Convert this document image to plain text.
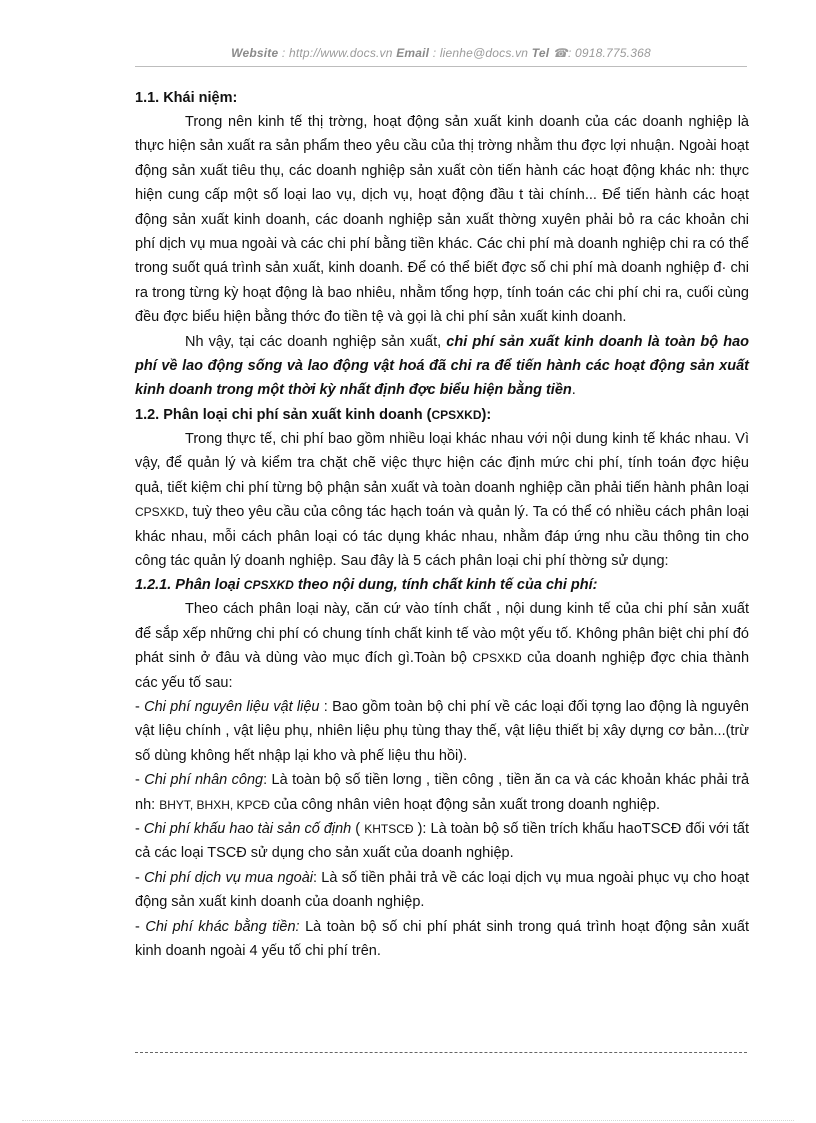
Website : http://www.docs.vn Email : lienhe@docs.vn Tel ☎: 0918.775.368
1.1. Khái niệm:

Trong nên kinh tế thị trờng, hoạt động sản xuất kinh doanh của các doanh nghiệp là thực hiện sản xuất ra sản phẩm theo yêu cầu của thị trờng nhằm thu đợc lợi nhuận. Ngoài hoạt động sản xuất tiêu thụ, các doanh nghiệp sản xuất còn tiến hành các hoạt động khác nh: thực hiện cung cấp một số loại lao vụ, dịch vụ, hoạt động đầu t tài chính... Để tiến hành các hoạt động sản xuất kinh doanh, các doanh nghiệp sản xuất thờng xuyên phải bỏ ra các khoản chi phí dịch vụ mua ngoài và các chi phí bằng tiền khác. Các chi phí mà doanh nghiệp chi ra có thể trong suốt quá trình sản xuất, kinh doanh. Để có thể biết đợc số chi phí mà doanh nghiệp đ· chi ra trong từng kỳ hoạt động là bao nhiêu, nhằm tổng hợp, tính toán các chi phí chi ra, cuối cùng đều đợc biểu hiện bằng thớc đo tiền tệ và gọi là chi phí sản xuất kinh doanh.

Nh vậy, tại các doanh nghiệp sản xuất, chi phí sản xuất kinh doanh là toàn bộ hao phí về lao động sống và lao động vật hoá đã chi ra để tiến hành các hoạt động sản xuất kinh doanh trong một thời kỳ nhất định đợc biểu hiện bằng tiền.

1.2. Phân loại chi phí sản xuất kinh doanh (CPSXKD):

Trong thực tế, chi phí bao gồm nhiều loại khác nhau với nội dung kinh tế khác nhau. Vì vậy, để quản lý và kiểm tra chặt chẽ việc thực hiện các định mức chi phí, tính toán đợc hiệu quả, tiết kiệm chi phí từng bộ phận sản xuất và toàn doanh nghiệp cần phải tiến hành phân loại CPSXKD, tuỳ theo yêu cầu của công tác hạch toán và quản lý. Ta có thể có nhiều cách phân loại khác nhau, mỗi cách phân loại có tác dụng khác nhau, nhằm đáp ứng nhu cầu thông tin cho công tác quản lý doanh nghiệp. Sau đây là 5 cách phân loại chi phí thờng sử dụng:

1.2.1. Phân loại CPSXKD theo nội dung, tính chất kinh tế của chi phí:

Theo cách phân loại này, căn cứ vào tính chất , nội dung kinh tế của chi phí sản xuất để sắp xếp những chi phí có chung tính chất kinh tế vào một yếu tố. Không phân biệt chi phí đó phát sinh ở đâu và dùng vào mục đích gì.Toàn bộ CPSXKD của doanh nghiệp đợc chia thành các yếu tố sau:

- Chi phí nguyên liệu vật liệu : Bao gồm toàn bộ chi phí về các loại đối tợng lao động là nguyên vật liệu chính , vật liệu phụ, nhiên liệu phụ tùng thay thế, vật liệu thiết bị xây dựng cơ bản...(trừ số dùng không hết nhập lại kho và phế liệu thu hồi).

- Chi phí nhân công: Là toàn bộ số tiền lơng , tiền công , tiền ăn ca và các khoản khác phải trả nh: BHYT, BHXH, KPCĐ của công nhân viên hoạt động sản xuất trong doanh nghiệp.

- Chi phí khấu hao tài sản cố định ( KHTSCĐ ): Là toàn bộ số tiền trích khấu haoTSCĐ đối với tất cả các loại TSCĐ sử dụng cho sản xuất của doanh nghiệp.

- Chi phí dịch vụ mua ngoài: Là số tiền phải trả về các loại dịch vụ mua ngoài phục vụ cho hoạt động sản xuất kinh doanh của doanh nghiệp.

- Chi phí khác bằng tiền: Là toàn bộ số chi phí phát sinh trong quá trình hoạt động sản xuất kinh doanh ngoài 4 yếu tố chi phí trên.
